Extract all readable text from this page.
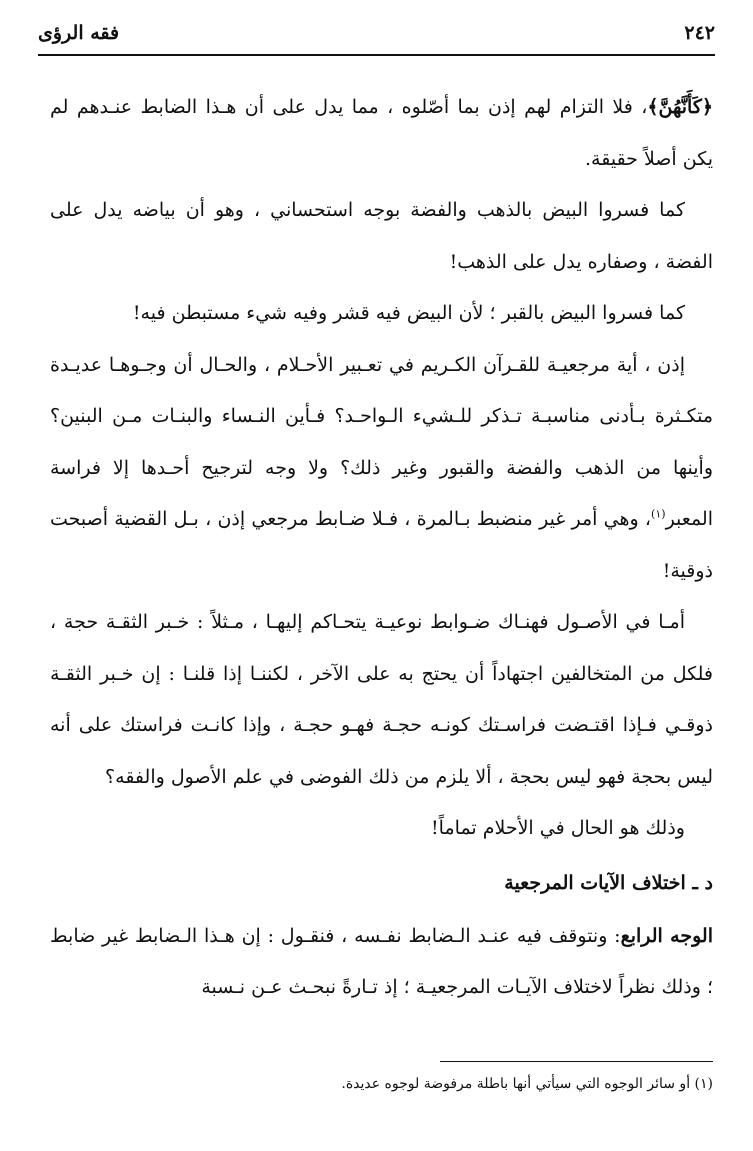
٢٤٢
فقه الرؤى

﴿كَأَنَّهُنَّ﴾، فلا التزام لهم إذن بما أصّلوه ، مما يدل على أن هـذا الضابط عنـدهم لم يكن أصلاً حقيقة.

كما فسروا البيض بالذهب والفضة بوجه استحساني ، وهو أن بياضه يدل على الفضة ، وصفاره يدل على الذهب!

كما فسروا البيض بالقبر ؛ لأن البيض فيه قشر وفيه شيء مستبطن فيه!

إذن ، أية مرجعيـة للقـرآن الكـريم في تعـبير الأحـلام ، والحـال أن وجـوهـا عديـدة متكـثرة بـأدنى مناسبـة تـذكر للـشيء الـواحـد؟ فـأين النـساء والبنـات مـن البنين؟ وأينها من الذهب والفضة والقبور وغير ذلك؟ ولا وجه لترجيح أحـدها إلا فراسة المعبر$^{(١)}$، وهي أمر غير منضبط بـالمرة ، فـلا ضـابط مرجعي إذن ، بـل القضية أصبحت ذوقية!

أمـا في الأصـول فهنـاك ضـوابط نوعيـة يتحـاكم إليهـا ، مـثلاً : خـبر الثقـة حجة ، فلكل من المتخالفين اجتهاداً أن يحتج به على الآخر ، لكننـا إذا قلنـا : إن خـبر الثقـة ذوقـي فـإذا اقتـضت فراسـتك كونـه حجـة فهـو حجـة ، وإذا كانـت فراستك على أنه ليس بحجة فهو ليس بحجة ، ألا يلزم من ذلك الفوضى في علم الأصول والفقه؟

وذلك هو الحال في الأحلام تماماً!

د ـ اختلاف الآيات المرجعية

الوجه الرابع: ونتوقف فيه عنـد الـضابط نفـسه ، فنقـول : إن هـذا الـضابط غير ضابط ؛ وذلك نظراً لاختلاف الآيـات المرجعيـة ؛ إذ تـارةً نبحـث عـن نـسبة

(١) أو سائر الوجوه التي سيأتي أنها باطلة مرفوضة لوجوه عديدة.
